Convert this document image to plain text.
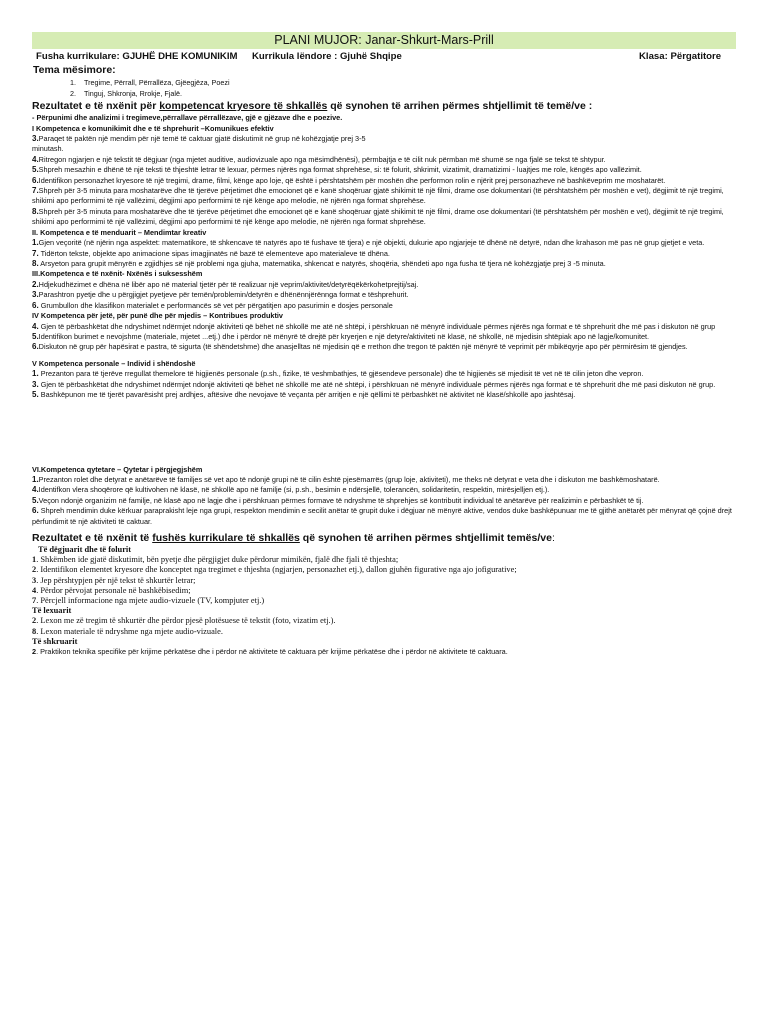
PLANI MUJOR: Janar-Shkurt-Mars-Prill
Fusha kurrikulare: GJUHË DHE KOMUNIKIM Kurrikula lëndore : Gjuhë Shqipe	Klasa: Përgatitore
Tema mësimore:
1. Tregime, Përrall, Përrallëza, Gjëegjëza, Poezi
2. Tinguj, Shkronja, Rrokje, Fjalë.
Rezultatet e të nxënit për kompetencat kryesore të shkallës që synohen të arrihen përmes shtjellimit të temë/ve :
- Përpunimi dhe analizimi i tregimeve,përrallave përrallëzave, gjë e gjëzave dhe e poezive.
I Kompetenca e komunikimit dhe e të shprehurit –Komunikues efektiv
3.Paraqet të paktën një mendim për një temë të caktuar gjatë diskutimit në grup në kohëzgjatje prej 3-5
minutash.
4.Ritregon ngjarjen e një tekstit të dëgjuar (nga mjetet auditive, audiovizuale apo nga mësimdhënësi), përmbajtja e të cilit nuk përmban më shumë se nga fjalë se tekst të shtypur.
5.Shpreh mesazhin e dhënë të një teksti të thjeshtë letrar të lexuar, përmes njërës nga format shprehëse, si: të folurit, shkrimit, vizatimit, dramatizimi - luajtjes me role, këngës apo vallëzimit.
6.Identifikon personazhet kryesore të një tregimi, drame, filmi, kënge apo loje, që është i përshtatshëm për moshën dhe performon rolin e njërit prej personazheve në bashkëveprim me moshatarët.
7.Shpreh për 3-5 minuta para moshatarëve dhe të tjerëve përjetimet dhe emocionet që e kanë shoqëruar gjatë shikimit të një filmi, drame ose dokumentari (të përshtatshëm për moshën e vet), dëgjimit të një tregimi, shikimi apo performimi të një vallëzimi, dëgjimi apo performimi të një kënge apo melodie, në njërën nga format shprehëse.
8.Shpreh për 3-5 minuta para moshatarëve dhe të tjerëve përjetimet dhe emocionet që e kanë shoqëruar gjatë shikimit të një filmi, drame ose dokumentari (të përshtatshëm për moshën e vet), dëgjimit të një tregimi, shikimi apo performimi të një vallëzimi, dëgjimi apo performimi të një kënge apo melodie, në njërën nga format shprehëse.
II. Kompetenca e të menduarit – Mendimtar kreativ
1.Gjen veçoritë (në njërin nga aspektet: matematikore, të shkencave të natyrës apo të fushave të tjera) e një objekti, dukurie apo ngjarjeje të dhënë në detyrë, ndan dhe krahason më pas në grup gjetjet e veta.
7. Tidërton tekste, objekte apo animacione sipas imagjinatës në bazë të elementeve apo materialeve të dhëna.
8. Arsyeton para grupit mënyrën e zgjidhjes së një problemi nga gjuha, matematika, shkencat e natyrës, shoqëria, shëndeti apo nga fusha të tjera në kohëzgjatje prej 3 -5 minuta.
III.Kompetenca e të nxënit- Nxënës i suksesshëm
2.Hdjekudhëzimet e dhëna në libër apo në material tjetër për të realizuar një veprim/aktivitet/detyrëqëkërkohetprejtij/saj.
3.Parashtron pyetje dhe u përgjigjet pyetjeve për temën/problemin/detyrën e dhënënnjërënnga format e tëshprehurit.
6. Grumbullon dhe klasifikon materialet e performancës së vet për përgatitjen apo pasurimin e dosjes personale
IV Kompetenca për jetë, për punë dhe për mjedis – Kontribues produktiv
4. Gjen të përbashkëtat dhe ndryshimet ndërmjet ndonjë aktiviteti që bëhet në shkollë me atë në shtëpi, i përshkruan në mënyrë individuale përmes njërës nga format e të shprehurit dhe më pas i diskuton në grup
5.Identifikon burimet e nevojshme (materiale, mjetet ...etj.) dhe i përdor në mënyrë të drejtë për kryerjen e një detyre/aktiviteti në klasë, në shkollë, në mjedisin shtëpiak apo në lagje/komunitet.
6.Diskuton në grup për hapësirat e pastra, të sigurta (të shëndetshme) dhe anasjelltas në mjedisin që e rrethon dhe tregon të paktën një mënyrë të veprimit për mbikëqyrje apo për përmirësim të gjendjes.
V Kompetenca personale – Individ i shëndoshë
1. Prezanton para të tjerëve rregullat themelore të higjienës personale (p.sh., fizike, të veshmbathjes, të gjësendeve personale) dhe të higjienës së mjedisit të vet në të cilin jeton dhe vepron.
3. Gjen të përbashkëtat dhe ndryshimet ndërmjet ndonjë aktiviteti që bëhet në shkollë me atë në shtëpi, i përshkruan në mënyrë individuale përmes njërës nga format e të shprehurit dhe më pasi diskuton në grup.
5. Bashkëpunon me të tjerët pavarësisht prej ardhjes, aftësive dhe nevojave të veçanta për arritjen e një qëllimi të përbashkët në aktivitet në klasë/shkollë apo jashtësaj.
VI.Kompetenca qytetare – Qytetar i përgjegjshëm
1.Prezanton rolet dhe detyrat e anëtarëve të familjes së vet apo të ndonjë grupi në të cilin është pjesëmarrës (grup loje, aktiviteti), me theks në detyrat e veta dhe i diskuton me bashkëmoshatarë.
4.Identifkon vlera shoqërore që kultivohen në klasë, në shkollë apo në familje (si, p.sh., besimin e ndërsjellë, tolerancën, solidaritetin, respektin, mirësjelljen etj.).
5.Veçon ndonjë organizim në familje, në klasë apo në lagje dhe i përshkruan përmes formave të ndryshme të shprehjes së kontributit individual të anëtarëve për realizimin e përbashkët të tij.
6. Shpreh mendimin duke kërkuar paraprakisht leje nga grupi, respekton mendimin e secilit anëtar të grupit duke i dëgjuar në mënyrë aktive, vendos duke bashkëpunuar me të gjithë anëtarët për mënyrat që çojnë drejt përfundimit të një aktiviteti të caktuar.
Rezultatet e të nxënit të fushës kurrikulare të shkallës që synohen të arrihen përmes shtjellimit temës/ve:
Të dëgjuarit dhe të folurit
1. Shkëmben ide gjatë diskutimit, bën pyetje dhe përgjigjet duke përdorur mimikën, fjalë dhe fjali të thjeshta;
2. Identifikon elementet kryesore dhe konceptet nga tregimet e thjeshta (ngjarjen, personazhet etj.), dallon gjuhën figurative nga ajo jofigurative;
3. Jep përshtypjen për një tekst të shkurtër letrar;
4. Përdor përvojat personale në bashkëbisedim;
7. Përcjell informacione nga mjete audio-vizuele (TV, kompjuter etj.)
Të lexuarit
2. Lexon me zë tregim të shkurtër dhe përdor pjesë plotësuese të tekstit (foto, vizatim etj.).
8. Lexon materiale të ndryshme nga mjete audio-vizuale.
Të shkruarit
2. Praktikon teknika specifike për krijime përkatëse dhe i përdor në aktivitete të caktuara për krijime përkatëse dhe i përdor në aktivitete të caktuara.
